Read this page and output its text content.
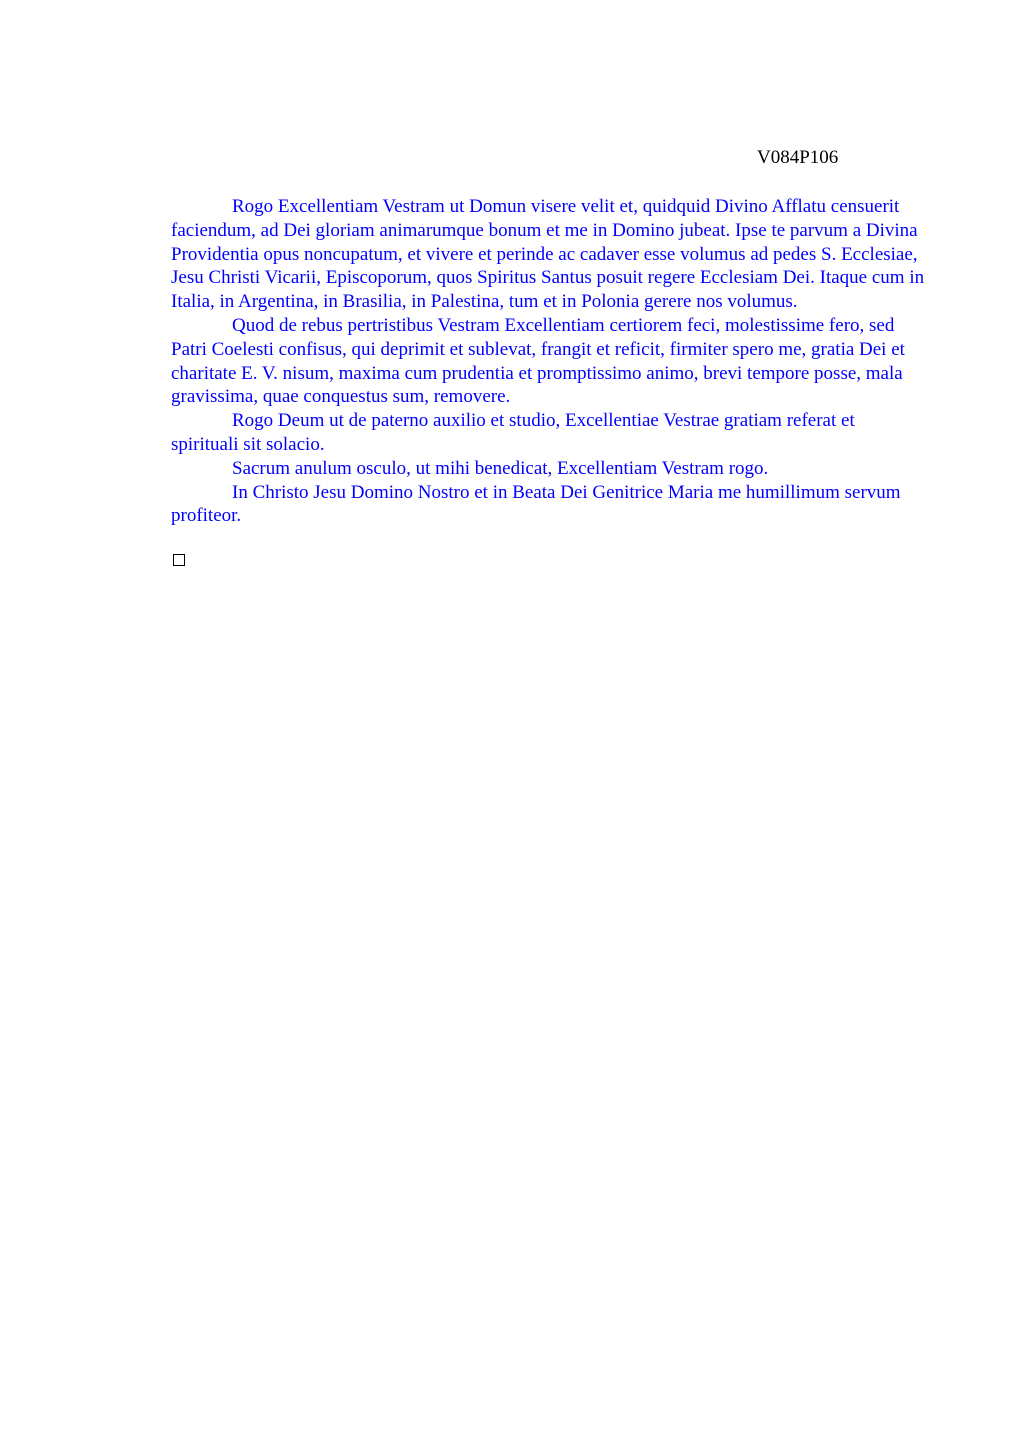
V084P106

Rogo Excellentiam Vestram ut Domun visere velit et, quidquid Divino Afflatu censuerit faciendum, ad Dei gloriam animarumque bonum et me in Domino jubeat. Ipse te parvum a Divina Providentia opus noncupatum, et vivere et perinde ac cadaver esse volumus ad pedes S. Ecclesiae, Jesu Christi Vicarii, Episcoporum, quos Spiritus Santus posuit regere Ecclesiam Dei. Itaque cum in Italia, in Argentina, in Brasilia, in Palestina, tum et in Polonia gerere nos volumus.

Quod de rebus pertristibus Vestram Excellentiam certiorem feci, molestissime fero, sed Patri Coelesti confisus, qui deprimit et sublevat, frangit et reficit, firmiter spero me, gratia Dei et charitate E. V. nisum, maxima cum prudentia et promptissimo animo, brevi tempore posse, mala gravissima, quae conquestus sum, removere.

Rogo Deum ut de paterno auxilio et studio, Excellentiae Vestrae gratiam referat et spirituali sit solacio.

Sacrum anulum osculo, ut mihi benedicat, Excellentiam Vestram rogo.

In Christo Jesu Domino Nostro et in Beata Dei Genitrice Maria me humillimum servum profiteor.
